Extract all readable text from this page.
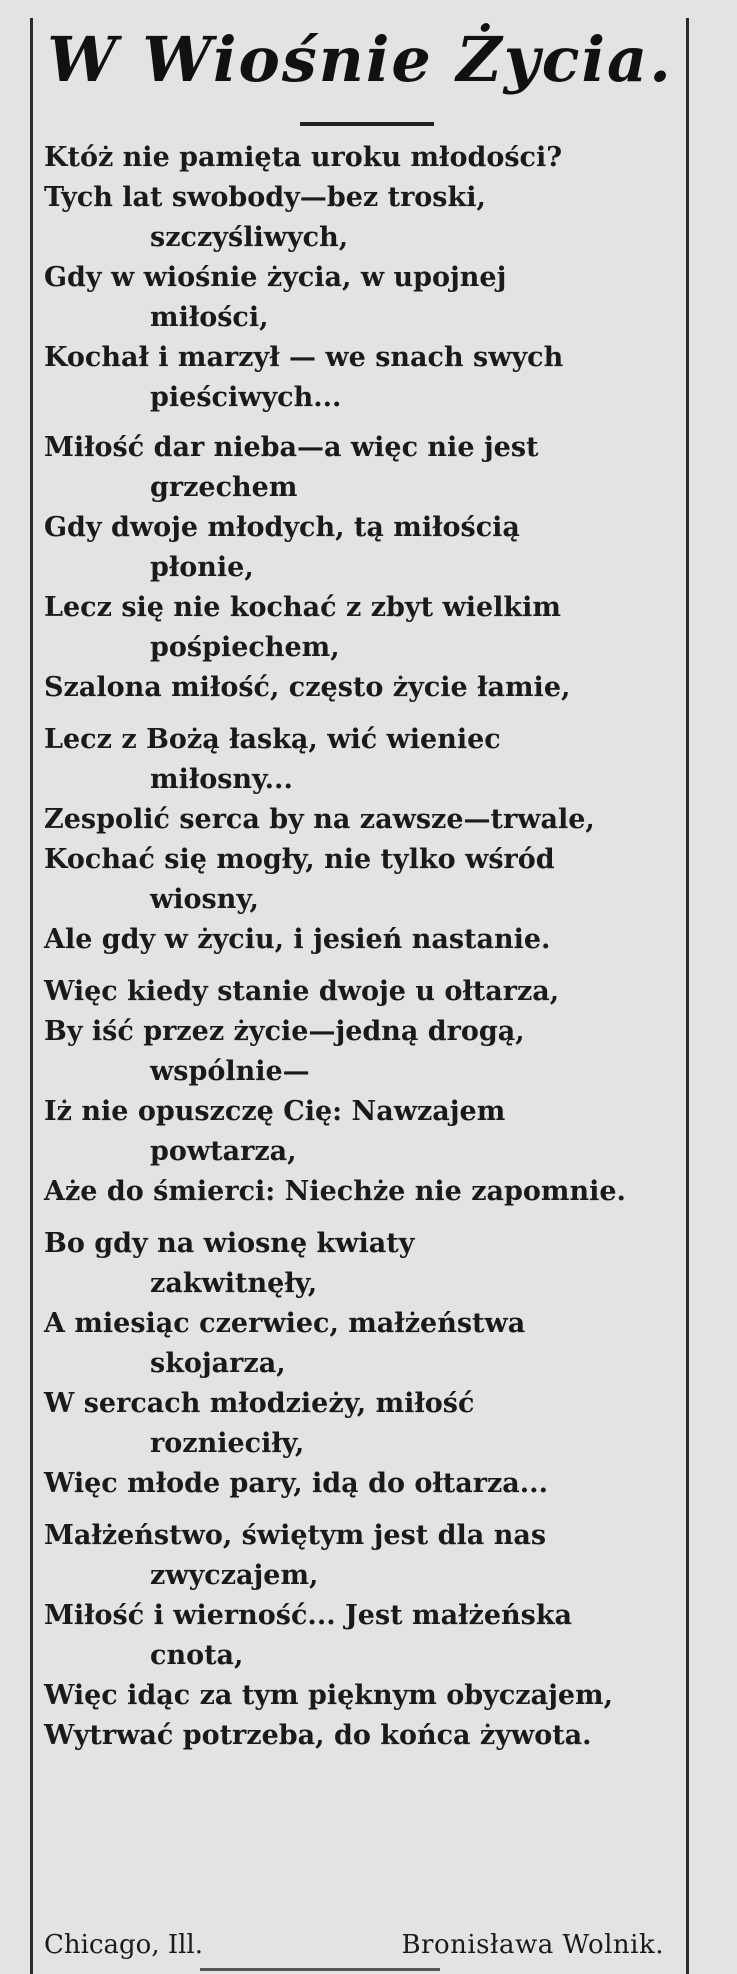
W Wiośnie Życia.
Któż nie pamięta uroku młodości?
Tych lat swobody—bez troski,
szczyśliwych,
Gdy w wiośnie życia, w upojnej
miłości,
Kochał i marzył — we snach swych
pieściwych...
Miłość dar nieba—a więc nie jest
grzechem
Gdy dwoje młodych, tą miłością
płonie,
Lecz się nie kochać z zbyt wielkim
pośpiechem,
Szalona miłość, często życie łamie,
Lecz z Bożą łaską, wić wieniec
miłosny...
Zespolić serca by na zawsze—trwale,
Kochać się mogły, nie tylko wśród
wiosny,
Ale gdy w życiu, i jesień nastanie.
Więc kiedy stanie dwoje u ołtarza,
By iść przez życie—jedną drogą,
wspólnie—
Iż nie opuszczę Cię: Nawzajem
powtarza,
Aże do śmierci: Niechże nie zapomnie.
Bo gdy na wiosnę kwiaty
zakwitnęły,
A miesiąc czerwiec, małżeństwa
skojarza,
W sercach młodzieży, miłość
roznieciły,
Więc młode pary, idą do ołtarza...
Małżeństwo, świętym jest dla nas
zwyczajem,
Miłość i wierność... Jest małżeńska
cnota,
Więc idąc za tym pięknym obyczajem,
Wytrwać potrzeba, do końca żywota.
Chicago, Ill.	Bronisława Wolnik.
